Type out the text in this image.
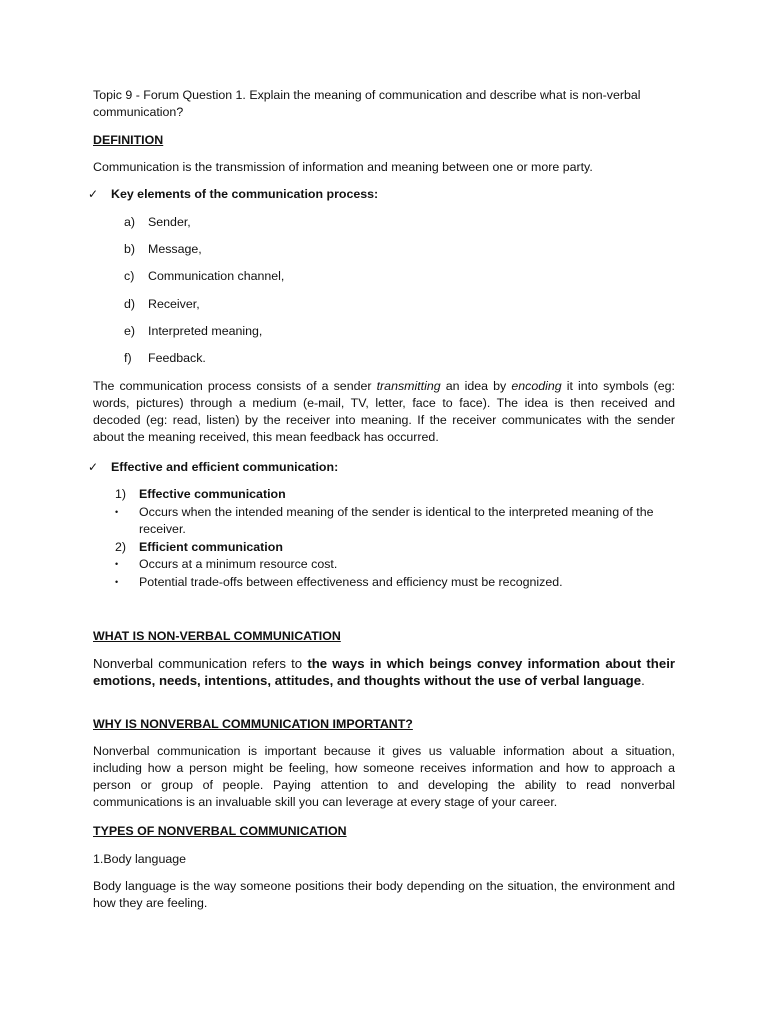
Topic 9 - Forum Question 1. Explain the meaning of communication and describe what is non-verbal communication?

DEFINITION

Communication is the transmission of information and meaning between one or more party.

✓ Key elements of the communication process:
a) Sender,
b) Message,
c) Communication channel,
d) Receiver,
e) Interpreted meaning,
f) Feedback.

The communication process consists of a sender transmitting an idea by encoding it into symbols (eg: words, pictures) through a medium (e-mail, TV, letter, face to face). The idea is then received and decoded (eg: read, listen) by the receiver into meaning. If the receiver communicates with the sender about the meaning received, this mean feedback has occurred.

✓ Effective and efficient communication:
1) Effective communication
• Occurs when the intended meaning of the sender is identical to the interpreted meaning of the receiver.
2) Efficient communication
• Occurs at a minimum resource cost.
• Potential trade-offs between effectiveness and efficiency must be recognized.

WHAT IS NON-VERBAL COMMUNICATION

Nonverbal communication refers to the ways in which beings convey information about their emotions, needs, intentions, attitudes, and thoughts without the use of verbal language.

WHY IS NONVERBAL COMMUNICATION IMPORTANT?

Nonverbal communication is important because it gives us valuable information about a situation, including how a person might be feeling, how someone receives information and how to approach a person or group of people. Paying attention to and developing the ability to read nonverbal communications is an invaluable skill you can leverage at every stage of your career.

TYPES OF NONVERBAL COMMUNICATION

1.Body language

Body language is the way someone positions their body depending on the situation, the environment and how they are feeling.
